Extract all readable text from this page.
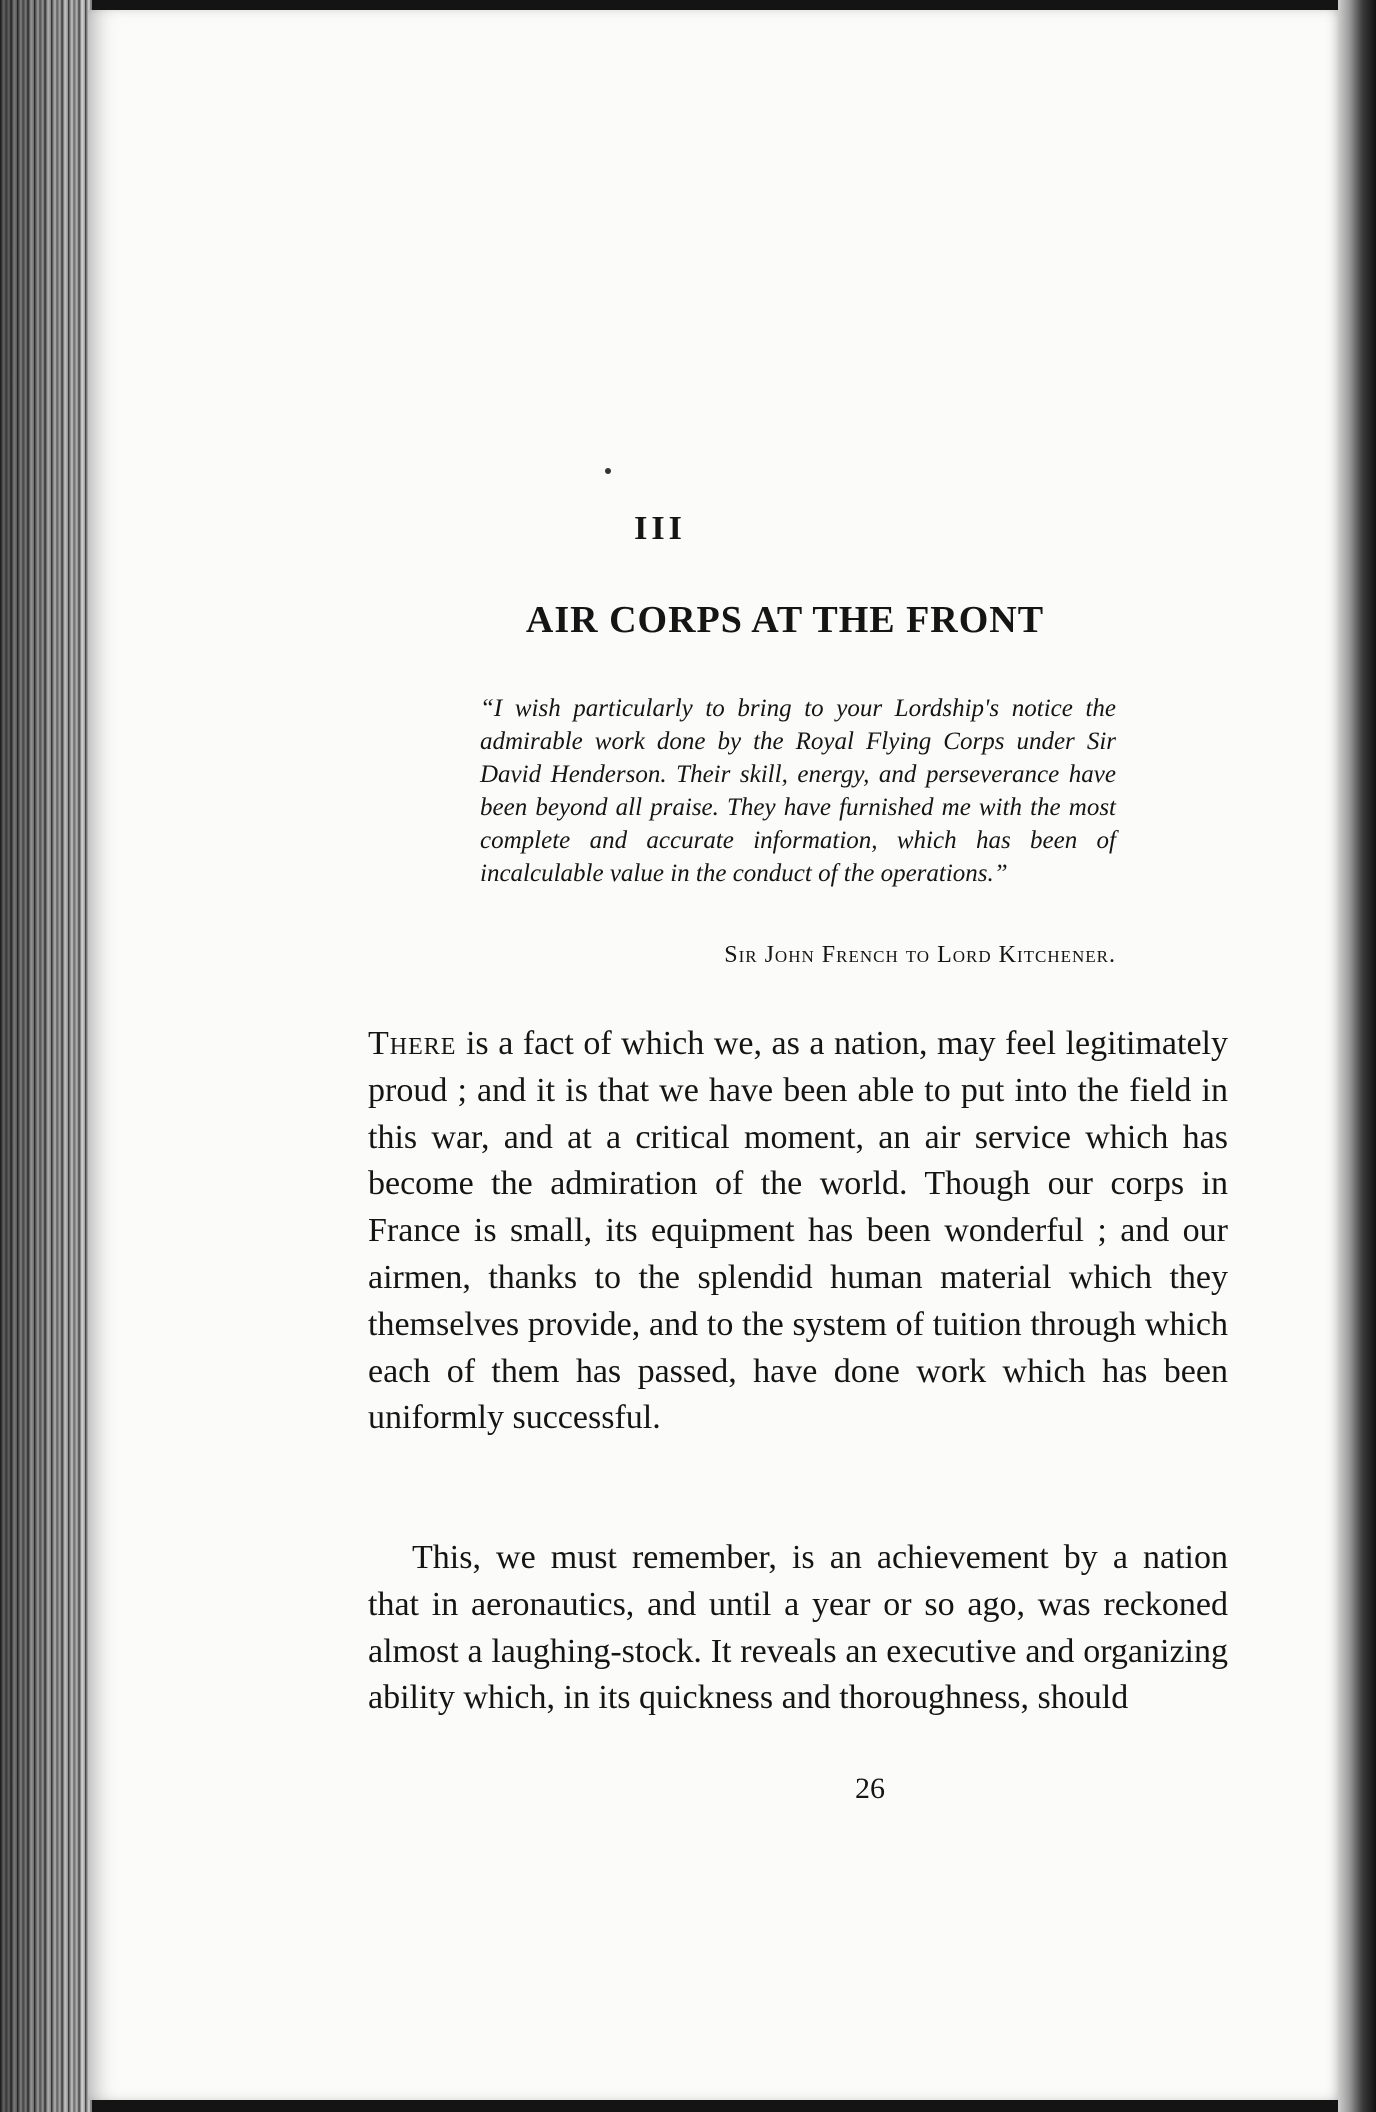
III

AIR CORPS AT THE FRONT

“I wish particularly to bring to your Lordship's notice the admirable work done by the Royal Flying Corps under Sir David Henderson. Their skill, energy, and perseverance have been beyond all praise. They have furnished me with the most complete and accurate information, which has been of incalculable value in the conduct of the operations.”

Sir John French to Lord Kitchener.

There is a fact of which we, as a nation, may feel legitimately proud ; and it is that we have been able to put into the field in this war, and at a critical moment, an air service which has become the admiration of the world. Though our corps in France is small, its equipment has been wonderful ; and our airmen, thanks to the splendid human material which they themselves provide, and to the system of tuition through which each of them has passed, have done work which has been uniformly successful.

This, we must remember, is an achievement by a nation that in aeronautics, and until a year or so ago, was reckoned almost a laughing-stock. It reveals an executive and organizing ability which, in its quickness and thoroughness, should

26
